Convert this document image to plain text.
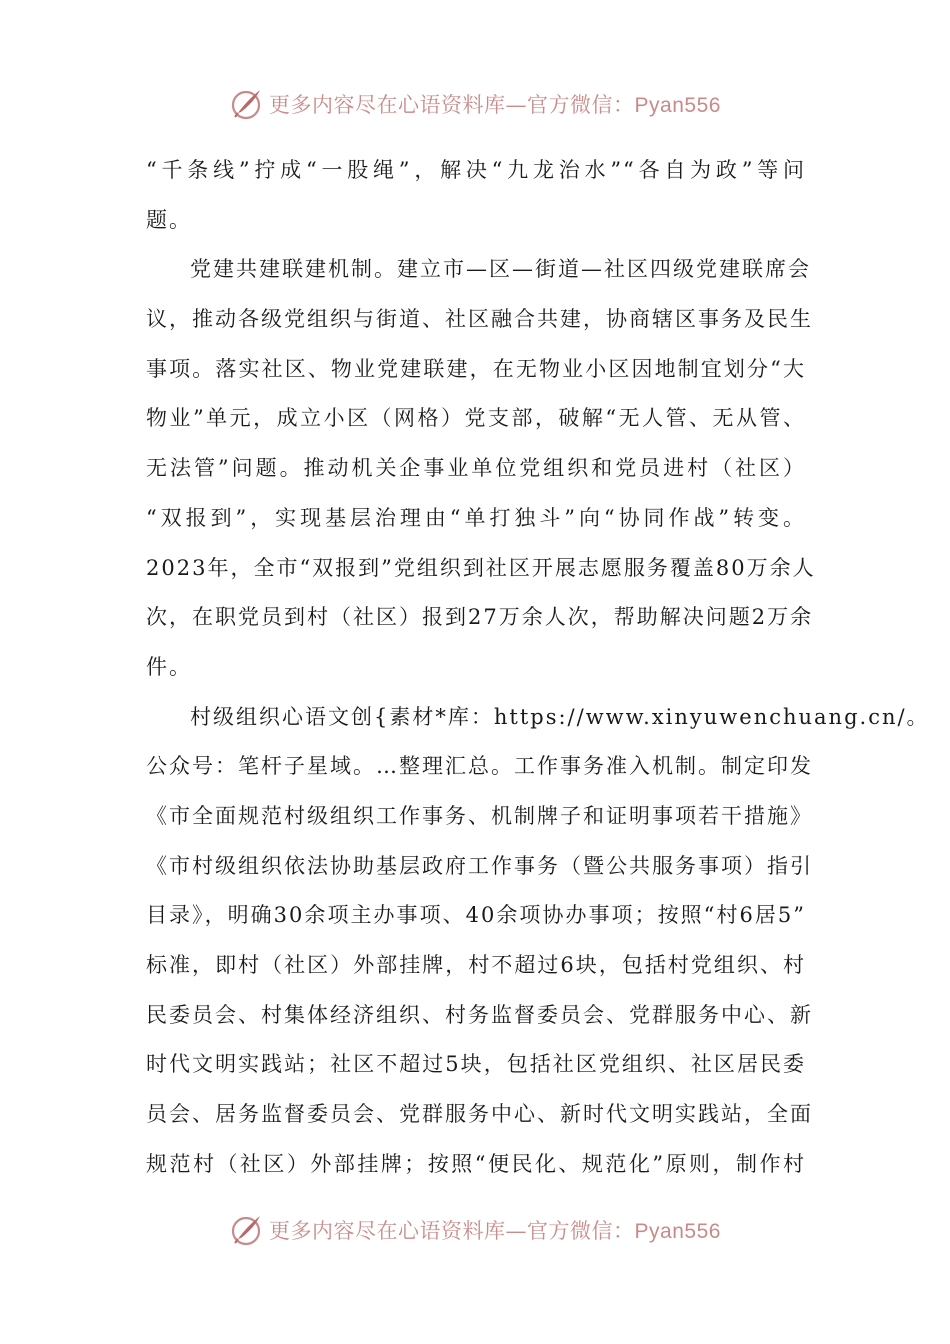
更多内容尽在心语资料库—官方微信：Pyan556
“千条线”拧成“一股绳”，解决“九龙治水”“各自为政”等问
题。
党建共建联建机制。建立市—区—街道—社区四级党建联席会
议，推动各级党组织与街道、社区融合共建，协商辖区事务及民生
事项。落实社区、物业党建联建，在无物业小区因地制宜划分“大
物业”单元，成立小区（网格）党支部，破解“无人管、无从管、
无法管”问题。推动机关企事业单位党组织和党员进村（社区）
“双报到”，实现基层治理由“单打独斗”向“协同作战”转变。
2023年，全市“双报到”党组织到社区开展志愿服务覆盖80万余人
次，在职党员到村（社区）报到27万余人次，帮助解决问题2万余
件。
村级组织心语文创{素材*库：https://www.xinyuwenchuang.cn/。
公众号：笔杆子星域。…整理汇总。工作事务准入机制。制定印发
《市全面规范村级组织工作事务、机制牌子和证明事项若干措施》
《市村级组织依法协助基层政府工作事务（暨公共服务事项）指引
目录》，明确30余项主办事项、40余项协办事项；按照“村6居5”
标准，即村（社区）外部挂牌，村不超过6块，包括村党组织、村
民委员会、村集体经济组织、村务监督委员会、党群服务中心、新
时代文明实践站；社区不超过5块，包括社区党组织、社区居民委
员会、居务监督委员会、党群服务中心、新时代文明实践站，全面
规范村（社区）外部挂牌；按照“便民化、规范化”原则，制作村
更多内容尽在心语资料库—官方微信：Pyan556
